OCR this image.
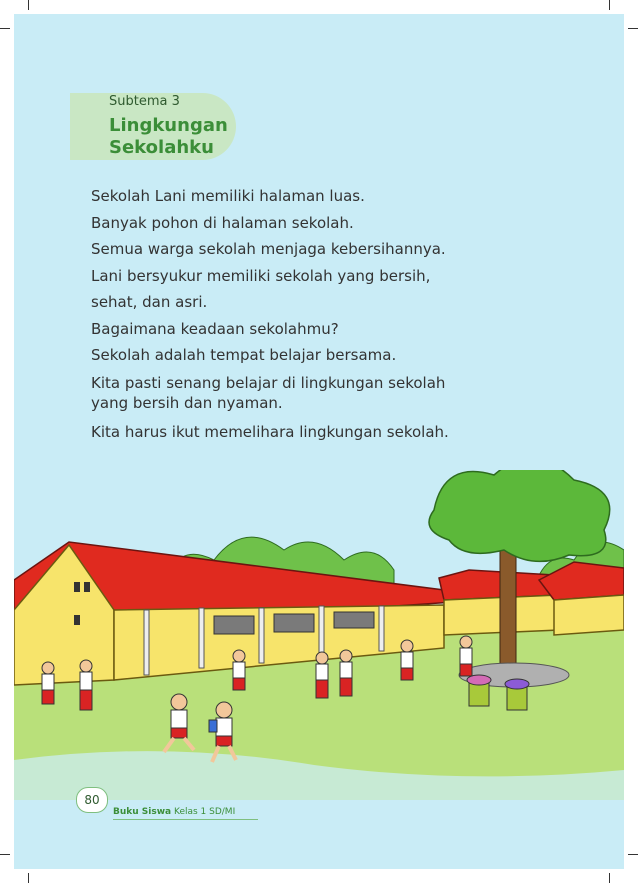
Subtema 3
Lingkungan
Sekolahku
Sekolah Lani memiliki halaman luas.
Banyak pohon di halaman sekolah.
Semua warga sekolah menjaga kebersihannya.
Lani bersyukur memiliki sekolah yang bersih,
sehat, dan asri.
Bagaimana keadaan sekolahmu?
Sekolah adalah tempat belajar bersama.
Kita pasti senang belajar di lingkungan sekolah
yang bersih dan nyaman.
Kita harus ikut memelihara lingkungan sekolah.
80
Buku Siswa Kelas 1 SD/MI
